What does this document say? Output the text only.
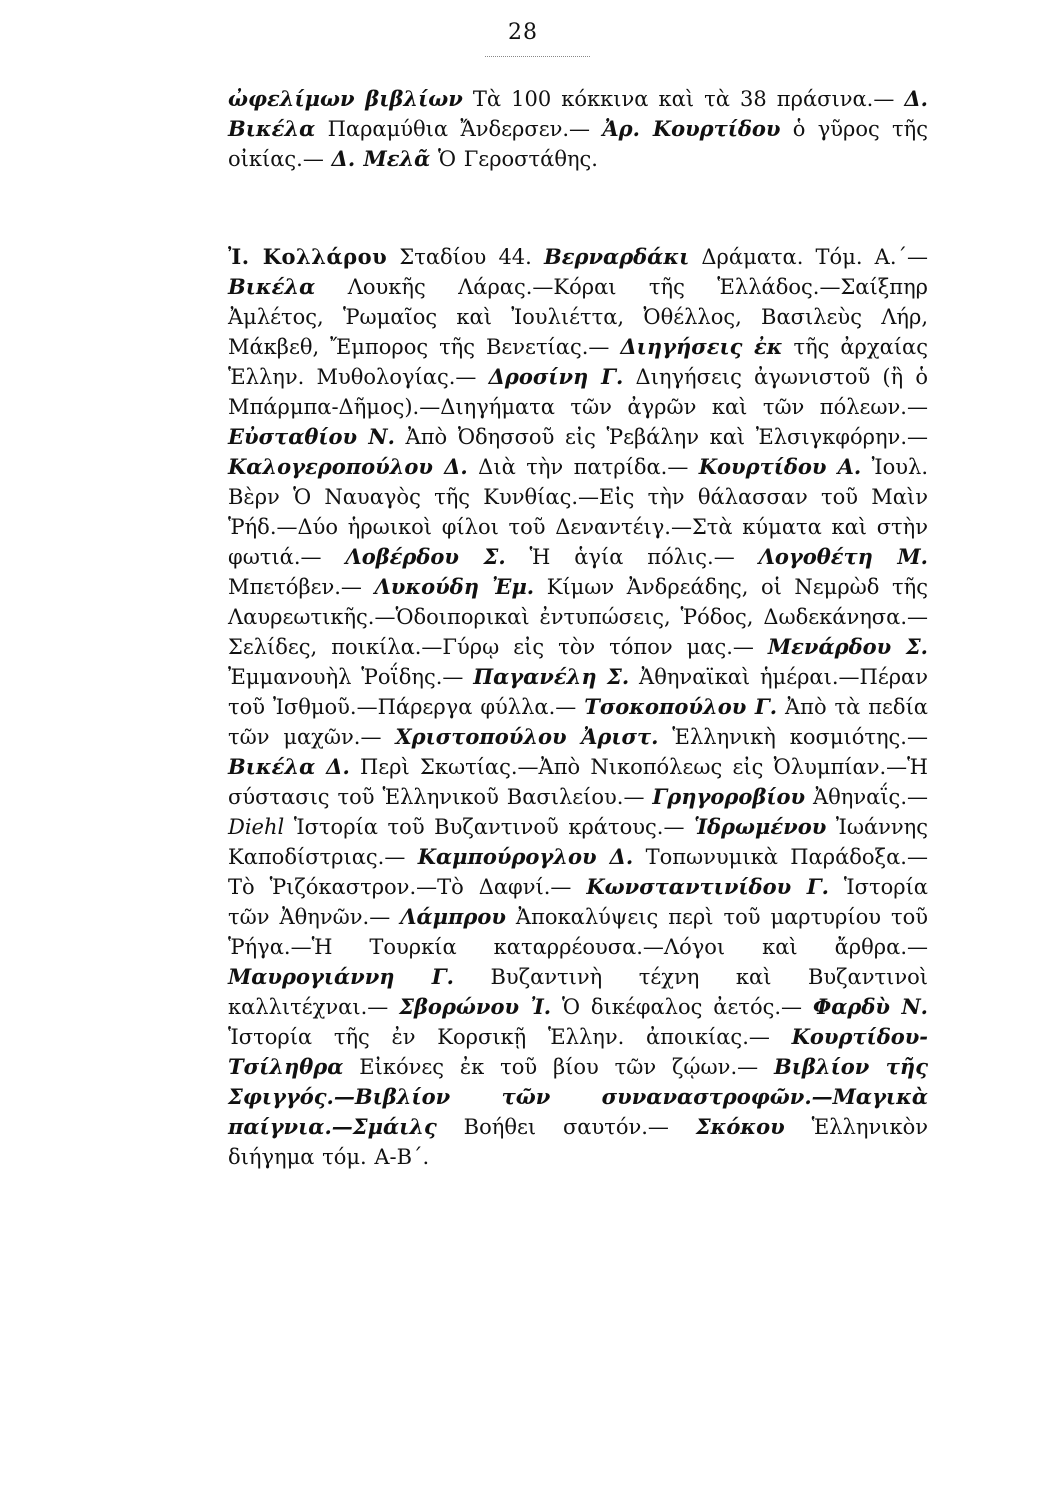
28
ὠφελίμων βιβλίων Τὰ 100 κόκκινα καὶ τὰ 38 πράσινα.— Δ. Βικέλα Παραμύθια Ἄνδερσεν.— Ἀρ. Κουρτίδου ὁ γῦρος τῆς οἰκίας.— Δ. Μελᾶ Ὁ Γεροστάθης.
Ἰ. Κολλάρου Σταδίου 44. Βερναρδάκι Δράματα. Τόμ. Α.´— Βικέλα Λουκῆς Λάρας.—Κόραι τῆς Ἑλλάδος.—Σαίξπηρ Ἀμλέτος, Ῥωμαῖος καὶ Ἰουλιέττα, Ὀθέλλος, Βασιλεὺς Λήρ, Μάκβεθ, Ἔμπορος τῆς Βενετίας.— Διηγήσεις ἐκ τῆς ἀρχαίας Ἑλλην. Μυθολογίας.— Δροσίνη Γ. Διηγήσεις ἀγωνιστοῦ (ἢ ὁ Μπάρμπα-Δῆμος).—Διηγήματα τῶν ἀγρῶν καὶ τῶν πόλεων.— Εὐσταθίου Ν. Ἀπὸ Ὀδησσοῦ εἰς Ῥεβάλην καὶ Ἐλσιγκφόρην.— Καλογεροπούλου Δ. Διὰ τὴν πατρίδα.— Κουρτίδου Α. Ἰουλ. Βὲρν Ὁ Ναυαγὸς τῆς Κυνθίας.—Εἰς τὴν θάλασσαν τοῦ Μαὶν Ῥήδ.—Δύο ἡρωικοὶ φίλοι τοῦ Δεναντέιγ.—Στὰ κύματα καὶ στὴν φωτιά.— Λοβέρδου Σ. Ἡ ἁγία πόλις.— Λογοθέτη Μ. Μπετόβεν.— Λυκούδη Ἐμ. Κίμων Ἀνδρεάδης, οἱ Νεμρὼδ τῆς Λαυρεωτικῆς.—Ὁδοιπορικαὶ ἐντυπώσεις, Ῥόδος, Δωδεκάνησα.—Σελίδες, ποικίλα.—Γύρῳ εἰς τὸν τόπον μας.— Μενάρδου Σ. Ἐμμανουὴλ Ῥοΐδης.— Παγανέλη Σ. Ἀθηναϊκαὶ ἡμέραι.—Πέραν τοῦ Ἰσθμοῦ.—Πάρεργα φύλλα.— Τσοκοπούλου Γ. Ἀπὸ τὰ πεδία τῶν μαχῶν.— Χριστοπούλου Ἀριστ. Ἑλληνικὴ κοσμιότης.— Βικέλα Δ. Περὶ Σκωτίας.—Ἀπὸ Νικοπόλεως εἰς Ὀλυμπίαν.—Ἡ σύστασις τοῦ Ἑλληνικοῦ Βασιλείου.— Γρηγοροβίου Ἀθηναΐς.— Diehl Ἱστορία τοῦ Βυζαντινοῦ κράτους.— Ἱδρωμένου Ἰωάννης Καποδίστριας.— Καμπούρογλου Δ. Τοπωνυμικὰ Παράδοξα.—Τὸ Ῥιζόκαστρον.—Τὸ Δαφνί.— Κωνσταντινίδου Γ. Ἱστορία τῶν Ἀθηνῶν.— Λάμπρου Ἀποκαλύψεις περὶ τοῦ μαρτυρίου τοῦ Ῥήγα.—Ἡ Τουρκία καταρρέουσα.—Λόγοι καὶ ἄρθρα.— Μαυρογιάννη Γ. Βυζαντινὴ τέχνη καὶ Βυζαντινοὶ καλλιτέχναι.— Σβορώνου Ἰ. Ὁ δικέφαλος ἀετός.— Φαρδὺ Ν. Ἱστορία τῆς ἐν Κορσικῇ Ἑλλην. ἀποικίας.— Κουρτίδου-Τσίληθρα Εἰκόνες ἐκ τοῦ βίου τῶν ζῴων.— Βιβλίον τῆς Σφιγγός.—Βιβλίον τῶν συναναστροφῶν.—Μαγικὰ παίγνια.—Σμάιλς Βοήθει σαυτόν.— Σκόκου Ἑλληνικὸν διήγημα τόμ. Α-Β´.
